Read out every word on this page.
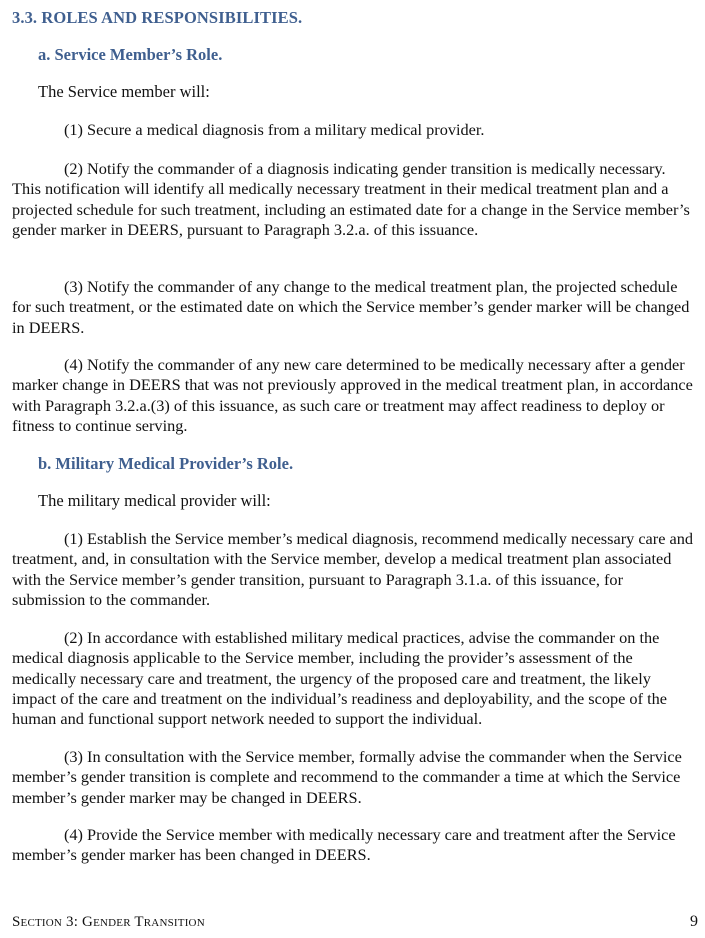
3.3. ROLES AND RESPONSIBILITIES.
a. Service Member’s Role.

The Service member will:

(1) Secure a medical diagnosis from a military medical provider.

(2) Notify the commander of a diagnosis indicating gender transition is medically necessary. This notification will identify all medically necessary treatment in their medical treatment plan and a projected schedule for such treatment, including an estimated date for a change in the Service member’s gender marker in DEERS, pursuant to Paragraph 3.2.a. of this issuance.

(3) Notify the commander of any change to the medical treatment plan, the projected schedule for such treatment, or the estimated date on which the Service member’s gender marker will be changed in DEERS.

(4) Notify the commander of any new care determined to be medically necessary after a gender marker change in DEERS that was not previously approved in the medical treatment plan, in accordance with Paragraph 3.2.a.(3) of this issuance, as such care or treatment may affect readiness to deploy or fitness to continue serving.

b. Military Medical Provider’s Role.

The military medical provider will:

(1) Establish the Service member’s medical diagnosis, recommend medically necessary care and treatment, and, in consultation with the Service member, develop a medical treatment plan associated with the Service member’s gender transition, pursuant to Paragraph 3.1.a. of this issuance, for submission to the commander.

(2) In accordance with established military medical practices, advise the commander on the medical diagnosis applicable to the Service member, including the provider’s assessment of the medically necessary care and treatment, the urgency of the proposed care and treatment, the likely impact of the care and treatment on the individual’s readiness and deployability, and the scope of the human and functional support network needed to support the individual.

(3) In consultation with the Service member, formally advise the commander when the Service member’s gender transition is complete and recommend to the commander a time at which the Service member’s gender marker may be changed in DEERS.

(4) Provide the Service member with medically necessary care and treatment after the Service member’s gender marker has been changed in DEERS.

Section 3: Gender Transition	9
